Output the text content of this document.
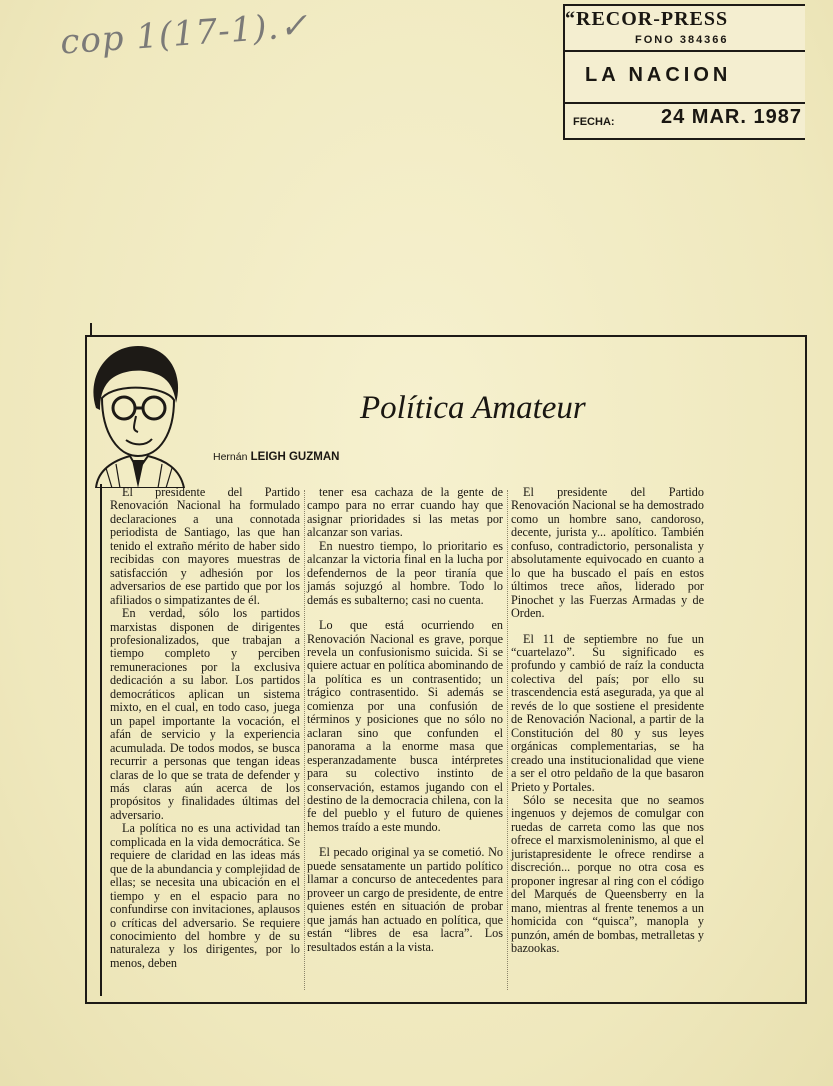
cop 1(17-1).✓	“RECOR-PRESS
FONO 384366
LA NACION
FECHA: 24 MAR. 1987
Política Amateur
Hernán LEIGH GUZMAN

El presidente del Partido Renovación Nacional ha formulado declaraciones a una connotada periodista de Santiago, las que han tenido el extraño mérito de haber sido recibidas con mayores muestras de satisfacción y adhesión por los adversarios de ese partido que por los afiliados o simpatizantes de él.

En verdad, sólo los partidos marxistas disponen de dirigentes profesionalizados, que trabajan a tiempo completo y perciben remuneraciones por la exclusiva dedicación a su labor. Los partidos democráticos aplican un sistema mixto, en el cual, en todo caso, juega un papel importante la vocación, el afán de servicio y la experiencia acumulada. De todos modos, se busca recurrir a personas que tengan ideas claras de lo que se trata de defender y más claras aún acerca de los propósitos y finalidades últimas del adversario.

La política no es una actividad tan complicada en la vida democrática. Se requiere de claridad en las ideas más que de la abundancia y complejidad de ellas; se necesita una ubicación en el tiempo y en el espacio para no confundirse con invitaciones, aplausos o críticas del adversario. Se requiere conocimiento del hombre y de su naturaleza y los dirigentes, por lo menos, deben

tener esa cachaza de la gente de campo para no errar cuando hay que asignar prioridades si las metas por alcanzar son varias.

En nuestro tiempo, lo prioritario es alcanzar la victoria final en la lucha por defendernos de la peor tiranía que jamás sojuzgó al hombre. Todo lo demás es subalterno; casi no cuenta.

Lo que está ocurriendo en Renovación Nacional es grave, porque revela un confusionismo suicida. Si se quiere actuar en política abominando de la política es un contrasentido; un trágico contrasentido. Si además se comienza por una confusión de términos y posiciones que no sólo no aclaran sino que confunden el panorama a la enorme masa que esperanzadamente busca intérpretes para su colectivo instinto de conservación, estamos jugando con el destino de la democracia chilena, con la fe del pueblo y el futuro de quienes hemos traído a este mundo.

El pecado original ya se cometió. No puede sensatamente un partido político llamar a concurso de antecedentes para proveer un cargo de presidente, de entre quienes estén en situación de probar que jamás han actuado en política, que están “libres de esa lacra”. Los resultados están a la vista.

El presidente del Partido Renovación Nacional se ha demostrado como un hombre sano, candoroso, decente, jurista y... apolítico. También confuso, contradictorio, personalista y absolutamente equivocado en cuanto a lo que ha buscado el país en estos últimos trece años, liderado por Pinochet y las Fuerzas Armadas y de Orden.

El 11 de septiembre no fue un “cuartelazo”. Su significado es profundo y cambió de raíz la conducta colectiva del país; por ello su trascendencia está asegurada, ya que al revés de lo que sostiene el presidente de Renovación Nacional, a partir de la Constitución del 80 y sus leyes orgánicas complementarias, se ha creado una institucionalidad que viene a ser el otro peldaño de la que basaron Prieto y Portales.

Sólo se necesita que no seamos ingenuos y dejemos de comulgar con ruedas de carreta como las que nos ofrece el marxismoleninismo, al que el juristapresidente le ofrece rendirse a discreción... porque no otra cosa es proponer ingresar al ring con el código del Marqués de Queensberry en la mano, mientras al frente tenemos a un homicida con “quisca”, manopla y punzón, amén de bombas, metralletas y bazookas.
